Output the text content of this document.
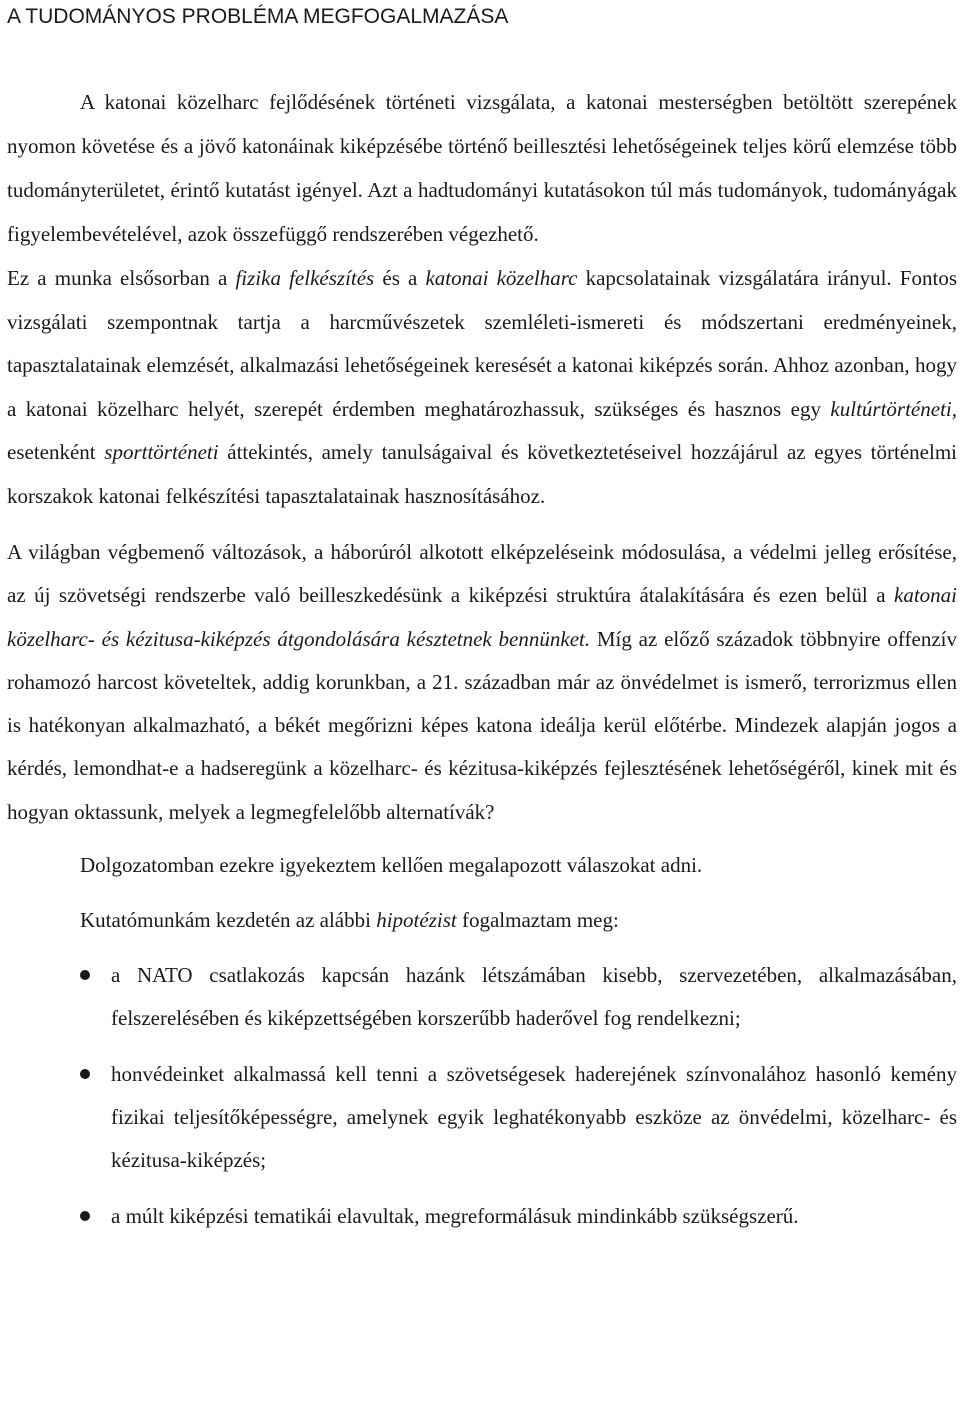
A TUDOMÁNYOS PROBLÉMA MEGFOGALMAZÁSA

A katonai közelharc fejlődésének történeti vizsgálata, a katonai mesterségben betöltött szerepének nyomon követése és a jövő katonáinak kiképzésébe történő beillesztési lehetőségeinek teljes körű elemzése több tudományterületet, érintő kutatást igényel. Azt a hadtudományi kutatásokon túl más tudományok, tudományágak figyelembevételével, azok összefüggő rendszerében végezhető.

Ez a munka elsősorban a fizika felkészítés és a katonai közelharc kapcsolatainak vizsgálatára irányul. Fontos vizsgálati szempontnak tartja a harcművészetek szemléleti-ismereti és módszertani eredményeinek, tapasztalatainak elemzését, alkalmazási lehetőségeinek keresését a katonai kiképzés során. Ahhoz azonban, hogy a katonai közelharc helyét, szerepét érdemben meghatározhassuk, szükséges és hasznos egy kultúrtörténeti, esetenként sporttörténeti áttekintés, amely tanulságaival és következtetéseivel hozzájárul az egyes történelmi korszakok katonai felkészítési tapasztalatainak hasznosításához.

A világban végbemenő változások, a háborúról alkotott elképzeléseink módosulása, a védelmi jelleg erősítése, az új szövetségi rendszerbe való beilleszkedésünk a kiképzési struktúra átalakítására és ezen belül a katonai közelharc- és kézitusa-kiképzés átgondolására késztetnek bennünket. Míg az előző századok többnyire offenzív rohamozó harcost követeltek, addig korunkban, a 21. században már az önvédelmet is ismerő, terrorizmus ellen is hatékonyan alkalmazható, a békét megőrizni képes katona ideálja kerül előtérbe. Mindezek alapján jogos a kérdés, lemondhat-e a hadseregünk a közelharc- és kézitusa-kiképzés fejlesztésének lehetőségéről, kinek mit és hogyan oktassunk, melyek a legmegfelelőbb alternatívák?

Dolgozatomban ezekre igyekeztem kellően megalapozott válaszokat adni.

Kutatómunkám kezdetén az alábbi hipotézist fogalmaztam meg:

a NATO csatlakozás kapcsán hazánk létszámában kisebb, szervezetében, alkalmazásában, felszerelésében és kiképzettségében korszerűbb haderővel fog rendelkezni;
honvédeinket alkalmassá kell tenni a szövetségesek haderejének színvonalához hasonló kemény fizikai teljesítőképességre, amelynek egyik leghatékonyabb eszköze az önvédelmi, közelharc- és kézitusa-kiképzés;
a múlt kiképzési tematikái elavultak, megreformálásuk mindinkább szükségszerű.
